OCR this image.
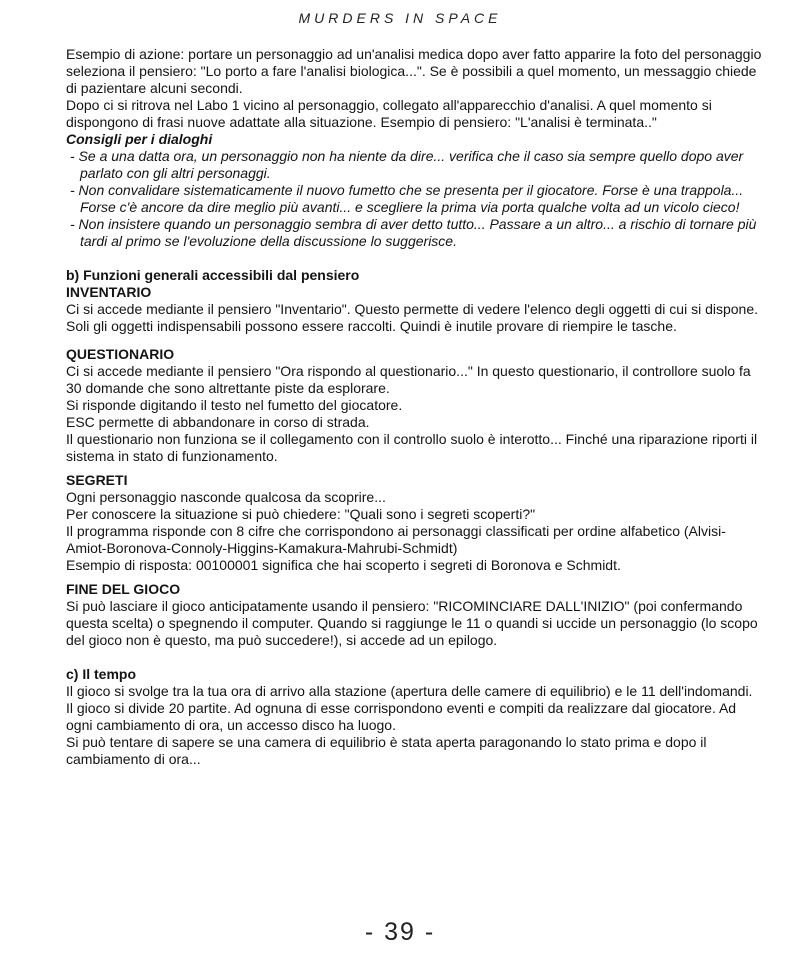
MURDERS IN SPACE

Esempio di azione: portare un personaggio ad un'analisi medica dopo aver fatto apparire la foto del personaggio seleziona il pensiero: "Lo porto a fare l'analisi biologica...". Se è possibili a quel momento, un messaggio chiede di pazientare alcuni secondi.

Dopo ci si ritrova nel Labo 1 vicino al personaggio, collegato all'apparecchio d'analisi. A quel momento si dispongono di frasi nuove adattate alla situazione. Esempio di pensiero: "L'analisi è terminata.."

Consigli per i dialoghi

- Se a una datta ora, un personaggio non ha niente da dire... verifica che il caso sia sempre quello dopo aver parlato con gli altri personaggi.

- Non convalidare sistematicamente il nuovo fumetto che se presenta per il giocatore. Forse è una trappola... Forse c'è ancore da dire meglio più avanti... e scegliere la prima via porta qualche volta ad un vicolo cieco!

- Non insistere quando un personaggio sembra di aver detto tutto... Passare a un altro... a rischio di tornare più tardi al primo se l'evoluzione della discussione lo suggerisce.

b) Funzioni generali accessibili dal pensiero

INVENTARIO

Ci si accede mediante il pensiero "Inventario". Questo permette di vedere l'elenco degli oggetti di cui si dispone. Soli gli oggetti indispensabili possono essere raccolti. Quindi è inutile provare di riempire le tasche.

QUESTIONARIO

Ci si accede mediante il pensiero "Ora rispondo al questionario..." In questo questionario, il controllore suolo fa 30 domande che sono altrettante piste da esplorare.

Si risponde digitando il testo nel fumetto del giocatore.

ESC permette di abbandonare in corso di strada.

Il questionario non funziona se il collegamento con il controllo suolo è interotto... Finché una riparazione riporti il sistema in stato di funzionamento.

SEGRETI

Ogni personaggio nasconde qualcosa da scoprire...

Per conoscere la situazione si può chiedere: "Quali sono i segreti scoperti?"

Il programma risponde con 8 cifre che corrispondono ai personaggi classificati per ordine alfabetico (Alvisi-Amiot-Boronova-Connoly-Higgins-Kamakura-Mahrubi-Schmidt)

Esempio di risposta: 00100001 significa che hai scoperto i segreti di Boronova e Schmidt.

FINE DEL GIOCO

Si può lasciare il gioco anticipatamente usando il pensiero: "RICOMINCIARE DALL'INIZIO" (poi confermando questa scelta) o spegnendo il computer. Quando si raggiunge le 11 o quandi si uccide un personaggio (lo scopo del gioco non è questo, ma può succedere!), si accede ad un epilogo.

c) Il tempo

Il gioco si svolge tra la tua ora di arrivo alla stazione (apertura delle camere di equilibrio) e le 11 dell'indomandi.

Il gioco si divide 20 partite. Ad ognuna di esse corrispondono eventi e compiti da realizzare dal giocatore. Ad ogni cambiamento di ora, un accesso disco ha luogo.

Si può tentare di sapere se una camera di equilibrio è stata aperta paragonando lo stato prima e dopo il cambiamento di ora...

- 39 -
